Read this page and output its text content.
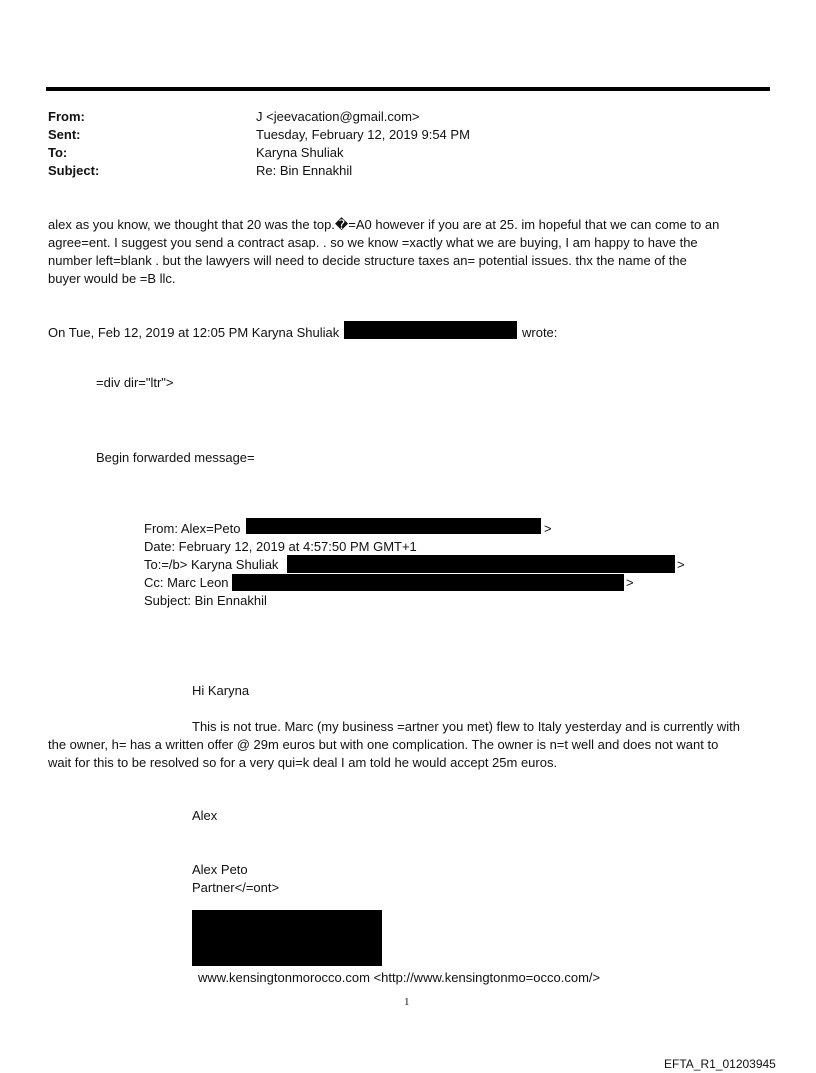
From:	J <jeevacation@gmail.com>
Sent:	Tuesday, February 12, 2019 9:54 PM
To:	Karyna Shuliak
Subject:	Re: Bin Ennakhil
alex as you know, we thought that 20 was the top.�=A0 however if you are at 25. im hopeful that we can come to an
agree=ent. I suggest you send a contract asap. . so we know =xactly what we are buying, I am happy to have the
number left=blank . but the lawyers will need to decide structure taxes an= potential issues. thx the name of the
buyer would be =B llc.
On Tue, Feb 12, 2019 at 12:05 PM Karyna Shuliak	wrote:
=div dir="ltr">
Begin forwarded message=
From: Alex=Peto	>
Date: February 12, 2019 at 4:57:50 PM GMT+1
To:=/b> Karyna Shuliak	>
Cc: Marc Leon	>
Subject: Bin Ennakhil
Hi Karyna
This is not true. Marc (my business =artner you met) flew to Italy yesterday and is currently with
the owner, h= has a written offer @ 29m euros but with one complication. The owner is n=t well and does not want to
wait for this to be resolved so for a very qui=k deal I am told he would accept 25m euros.
Alex
Alex Peto
Partner</=ont>
www.kensingtonmorocco.com <http://www.kensingtonmo=occo.com/>
1
EFTA_R1_01203945
